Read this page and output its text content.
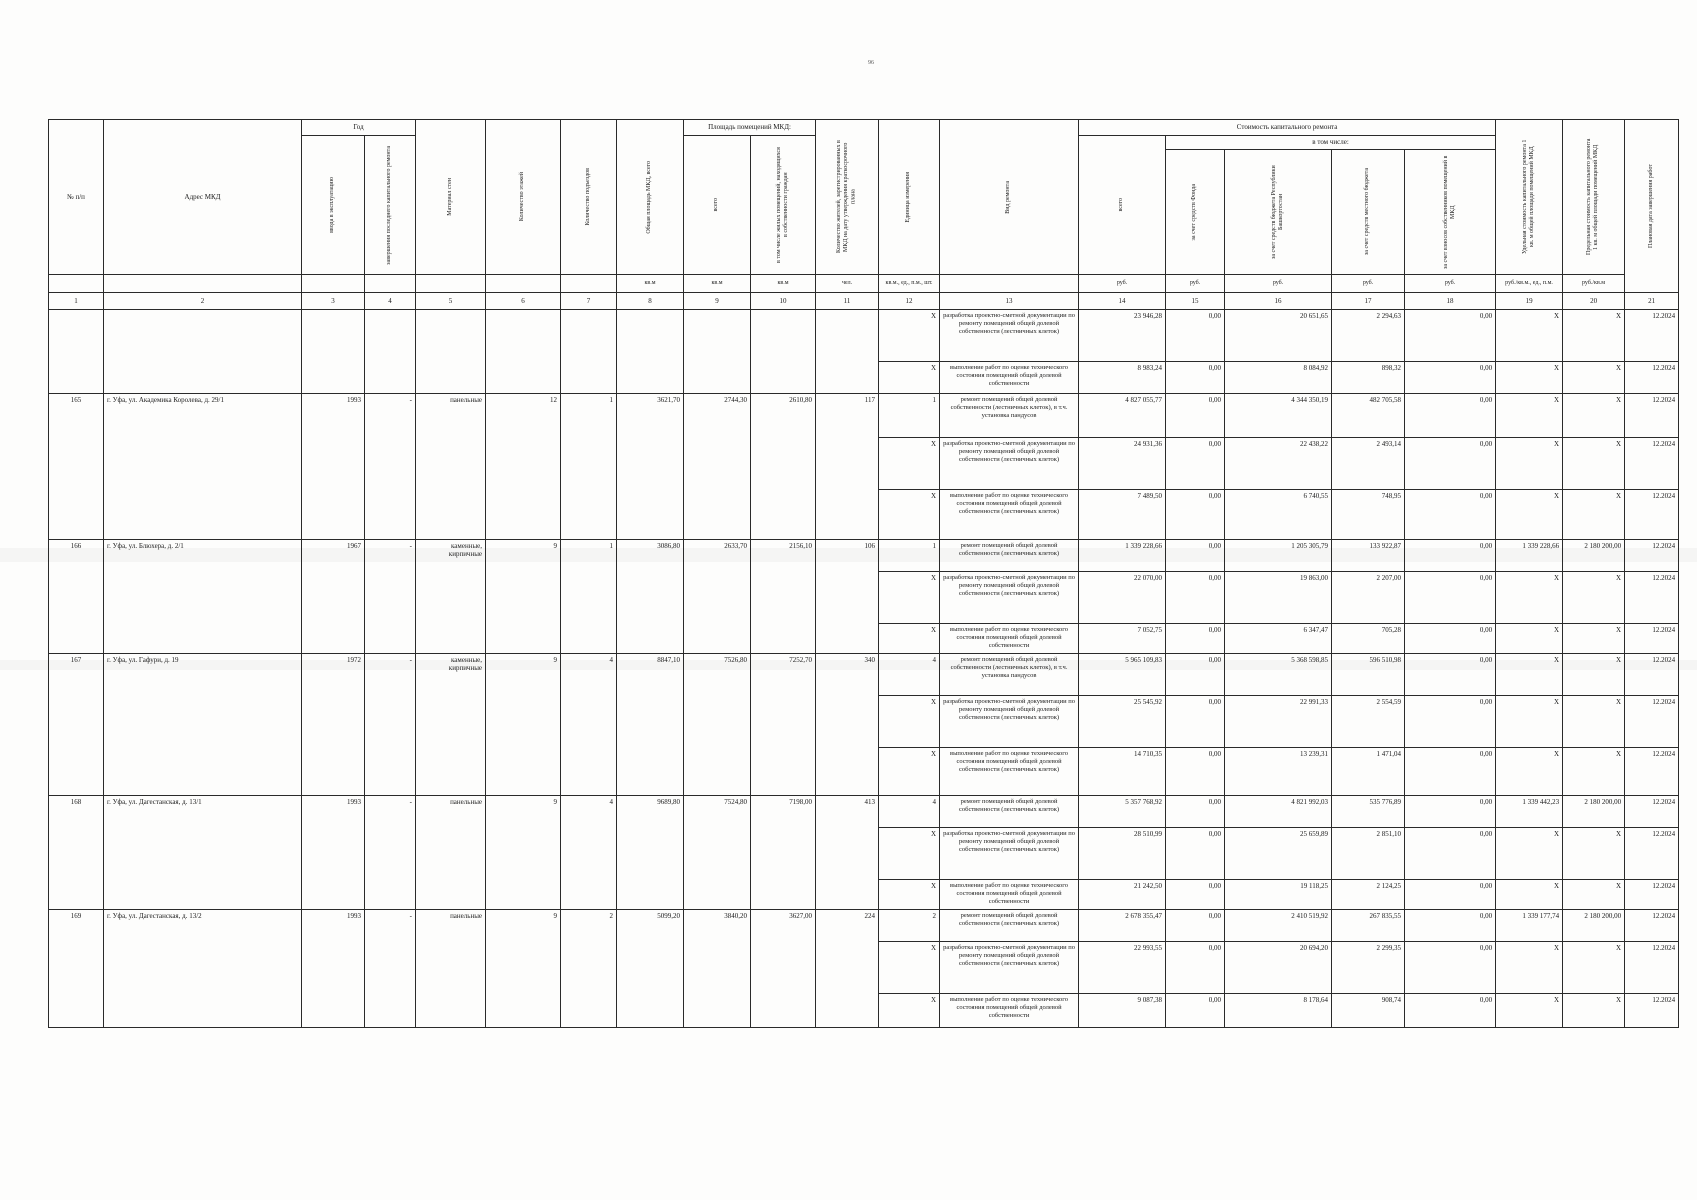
96
№ п/п	Адрес МКД	Год		Материал стен	Количество этажей	Количество подъездов	Общая площадь МКД, всего	Площадь помещений МКД:		Количество жителей, зарегистрированных в МКД на дату утверждения краткосрочного плана	Единица измерения	Вид ремонта	Стоимость капитального ремонта					Удельная стоимость капитального ремонта 1 кв. м общей площади помещений МКД	Предельная стоимость капитального ремонта 1 кв. м общей площади помещений МКД	Плановая дата завершения работ

		ввода в эксплуатацию	завершения последнего капитального ремонта					всего	в том числе жилых помещений, находящихся в собственности граждан				всего	в том числе:						

														за счет средств Фонда	за счет средств бюджета Республики Башкортостан	за счет средств местного бюджета	за счет взносов собственников помещений в МКД			

							кв.м	кв.м	кв.м	чел.	кв.м., ед., п.м., шт.		руб.	руб.	руб.	руб.	руб.	руб./кв.м., ед., п.м.	руб./кв.м	
1	2	3	4	5	6	7	8	9	10	11	12	13	14	15	16	17	18	19	20	21
											Х	разработка проектно-сметной документации по ремонту помещений общей долевой собственности (лестничных клеток)	23 946,28	0,00	20 651,65	2 294,63	0,00	Х	Х	12.2024
											Х	выполнение работ по оценке технического состояния помещений общей долевой собственности	8 983,24	0,00	8 084,92	898,32	0,00	Х	Х	12.2024
165	г. Уфа, ул. Академика Королева, д. 29/1	1993	-	панельные	12	1	3621,70	2744,30	2610,80	117	1	ремонт помещений общей долевой собственности (лестничных клеток), в т.ч. установка пандусов	4 827 055,77	0,00	4 344 350,19	482 705,58	0,00	Х	Х	12.2024
											Х	разработка проектно-сметной документации по ремонту помещений общей долевой собственности (лестничных клеток)	24 931,36	0,00	22 438,22	2 493,14	0,00	Х	Х	12.2024
											Х	выполнение работ по оценке технического состояния помещений общей долевой собственности (лестничных клеток)	7 489,50	0,00	6 740,55	748,95	0,00	Х	Х	12.2024
166	г. Уфа, ул. Блюхера, д. 2/1	1967	-	каменные, кирпичные	9	1	3086,80	2633,70	2156,10	106	1	ремонт помещений общей долевой собственности (лестничных клеток)	1 339 228,66	0,00	1 205 305,79	133 922,87	0,00	1 339 228,66	2 180 200,00	12.2024
											Х	разработка проектно-сметной документации по ремонту помещений общей долевой собственности (лестничных клеток)	22 070,00	0,00	19 863,00	2 207,00	0,00	Х	Х	12.2024
											Х	выполнение работ по оценке технического состояния помещений общей долевой собственности	7 052,75	0,00	6 347,47	705,28	0,00	Х	Х	12.2024
167	г. Уфа, ул. Гафури, д. 19	1972	-	каменные, кирпичные	9	4	8847,10	7526,80	7252,70	340	4	ремонт помещений общей долевой собственности (лестничных клеток), в т.ч. установка пандусов	5 965 109,83	0,00	5 368 598,85	596 510,98	0,00	Х	Х	12.2024
											Х	разработка проектно-сметной документации по ремонту помещений общей долевой собственности (лестничных клеток)	25 545,92	0,00	22 991,33	2 554,59	0,00	Х	Х	12.2024
											Х	выполнение работ по оценке технического состояния помещений общей долевой собственности (лестничных клеток)	14 710,35	0,00	13 239,31	1 471,04	0,00	Х	Х	12.2024
168	г. Уфа, ул. Дагестанская, д. 13/1	1993	-	панельные	9	4	9689,80	7524,80	7198,00	413	4	ремонт помещений общей долевой собственности (лестничных клеток)	5 357 768,92	0,00	4 821 992,03	535 776,89	0,00	1 339 442,23	2 180 200,00	12.2024
											Х	разработка проектно-сметной документации по ремонту помещений общей долевой собственности (лестничных клеток)	28 510,99	0,00	25 659,89	2 851,10	0,00	Х	Х	12.2024
											Х	выполнение работ по оценке технического состояния помещений общей долевой собственности	21 242,50	0,00	19 118,25	2 124,25	0,00	Х	Х	12.2024
169	г. Уфа, ул. Дагестанская, д. 13/2	1993	-	панельные	9	2	5099,20	3840,20	3627,00	224	2	ремонт помещений общей долевой собственности (лестничных клеток)	2 678 355,47	0,00	2 410 519,92	267 835,55	0,00	1 339 177,74	2 180 200,00	12.2024
											Х	разработка проектно-сметной документации по ремонту помещений общей долевой собственности (лестничных клеток)	22 993,55	0,00	20 694,20	2 299,35	0,00	Х	Х	12.2024
											Х	выполнение работ по оценке технического состояния помещений общей долевой собственности	9 087,38	0,00	8 178,64	908,74	0,00	Х	Х	12.2024
